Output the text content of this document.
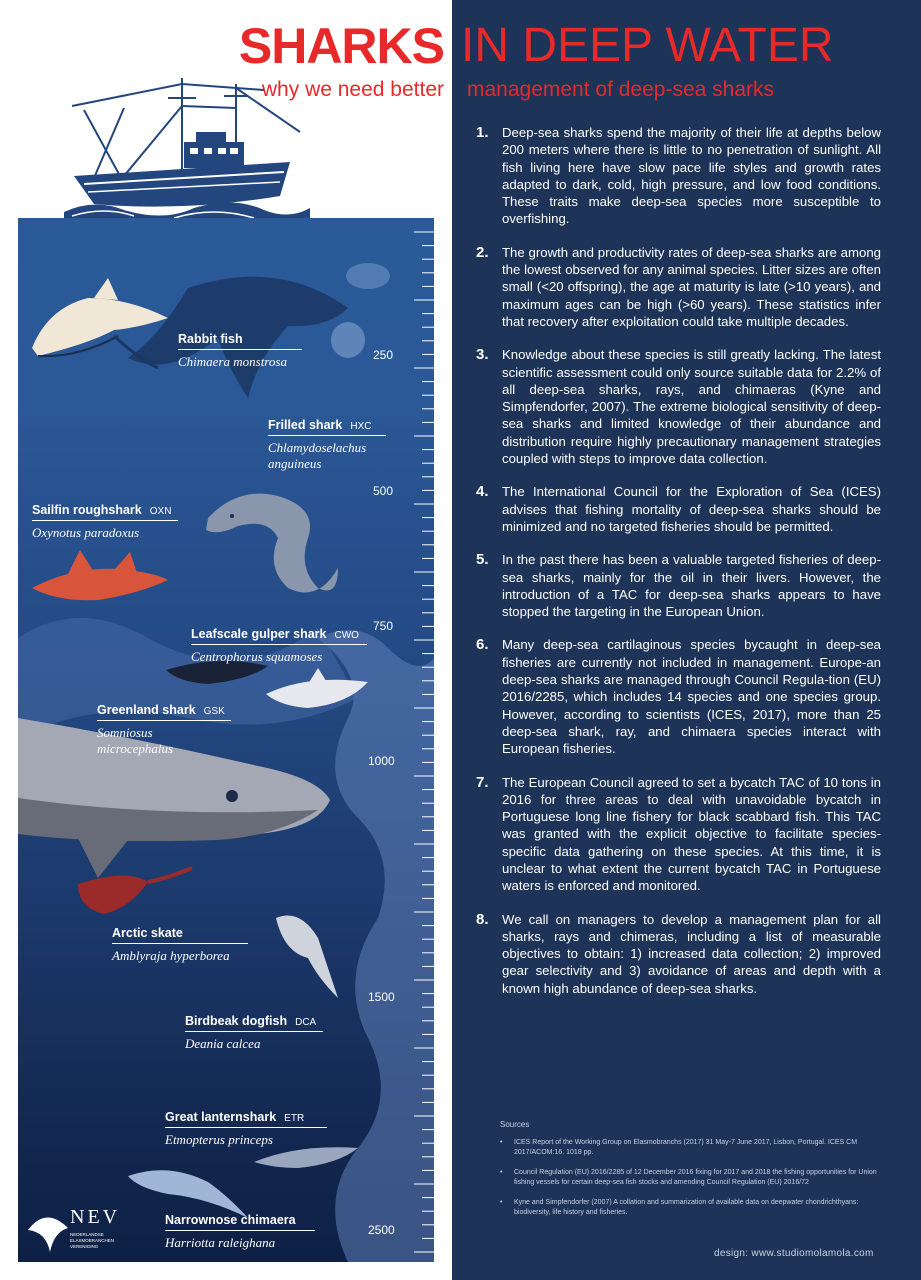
SHARKS IN DEEP WATER
why we need better management of deep-sea sharks
250
500
750
1000
1500
2500
Rabbit fish
Chimaera monstrosa
Frilled shark HXC
Chlamydoselachus anguineus
Sailfin roughshark OXN
Oxynotus paradoxus
Leafscale gulper shark CWO
Centrophorus squamoses
Greenland shark GSK
Somniosus microcephalus
Arctic skate
Amblyraja hyperborea
Birdbeak dogfish DCA
Deania calcea
Great lanternshark ETR
Etmopterus princeps
Narrownose chimaera
Harriotta raleighana
NEV
NEDERLANDSE ELASMOBRANCHEN VERENIGING
1.	Deep-sea sharks spend the majority of their life at depths below 200 meters where there is little to no penetration of sunlight. All fish living here have slow pace life styles and growth rates adapted to dark, cold, high pressure, and low food conditions. These traits make deep-sea species more susceptible to overfishing.
2.	The growth and productivity rates of deep-sea sharks are among the lowest observed for any animal species. Litter sizes are often small (<20 offspring), the age at maturity is late (>10 years), and maximum ages can be high (>60 years). These statistics infer that recovery after exploitation could take multiple decades.
3.	Knowledge about these species is still greatly lacking. The latest scientific assessment could only source suitable data for 2.2% of all deep-sea sharks, rays, and chimaeras (Kyne and Simpfendorfer, 2007). The extreme biological sensitivity of deep-sea sharks and limited knowledge of their abundance and distribution require highly precautionary management strategies coupled with steps to improve data collection.
4.	The International Council for the Exploration of Sea (ICES) advises that fishing mortality of deep-sea sharks should be minimized and no targeted fisheries should be permitted.
5.	In the past there has been a valuable targeted fisheries of deep-sea sharks, mainly for the oil in their livers. However, the introduction of a TAC for deep-sea sharks appears to have stopped the targeting in the European Union.
6.	Many deep-sea cartilaginous species bycaught in deep-sea fisheries are currently not included in management. Europe-an deep-sea sharks are managed through Council Regula-tion (EU) 2016/2285, which includes 14 species and one species group. However, according to scientists (ICES, 2017), more than 25 deep-sea shark, ray, and chimaera species interact with European fisheries.
7.	The European Council agreed to set a bycatch TAC of 10 tons in 2016 for three areas to deal with unavoidable bycatch in Portuguese long line fishery for black scabbard fish. This TAC was granted with the explicit objective to facilitate species-specific data gathering on these species. At this time, it is unclear to what extent the current bycatch TAC in Portuguese waters is enforced and monitored.
8.	We call on managers to develop a management plan for all sharks, rays and chimeras, including a list of measurable objectives to obtain: 1) increased data collection; 2) improved gear selectivity and 3) avoidance of areas and depth with a known high abundance of deep-sea sharks.
Sources
• ICES Report of the Working Group on Elasmobranchs (2017) 31 May-7 June 2017, Lisbon, Portugal. ICES CM 2017/ACOM:16. 1018 pp.
• Council Regulation (EU) 2016/2285 of 12 December 2016 fixing for 2017 and 2018 the fishing opportunities for Union fishing vessels for certain deep-sea fish stocks and amending Council Regulation (EU) 2016/72
• Kyne and Simpfendorfer (2007) A collation and summarization of available data on deepwater chondrichthyans: biodiversity, life history and fisheries.
design: www.studiomolamola.com
